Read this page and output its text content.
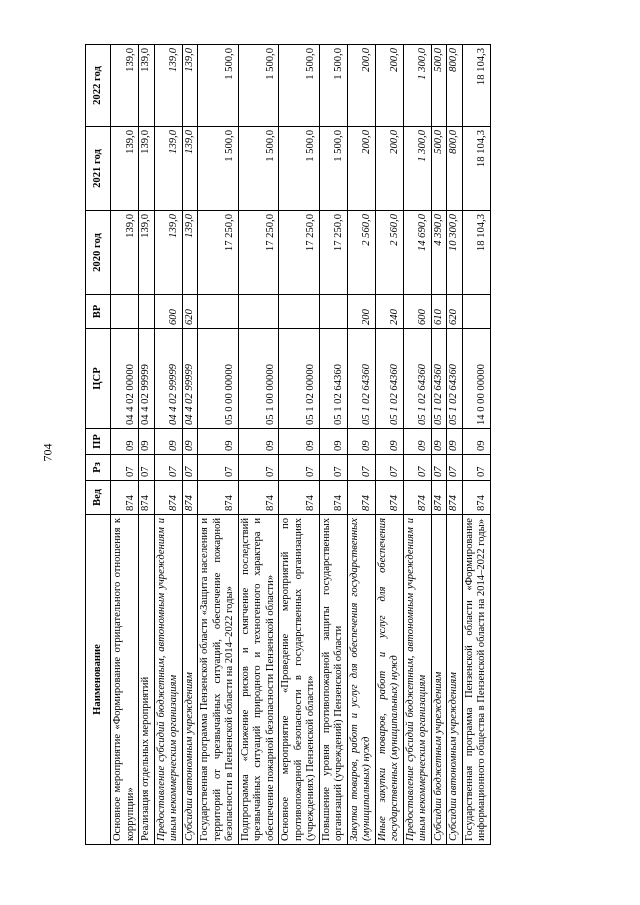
704
Наименование	Вед	Рз	ПР	ЦСР	ВР	2020 год	2021 год	2022 год
Основное мероприятие «Формирование отрицательного отношения к коррупции»	874	07	09	04 4 02 00000		139,0	139,0	139,0
Реализация отдельных мероприятий	874	07	09	04 4 02 99999		139,0	139,0	139,0
Предоставление субсидий бюджетным, автономным учреждениям и иным некоммерческим организациям	874	07	09	04 4 02 99999	600	139,0	139,0	139,0
Субсидии автономным учреждениям	874	07	09	04 4 02 99999	620	139,0	139,0	139,0
Государственная программа Пензенской области «Защита населения и территорий от чрезвычайных ситуаций, обеспечение пожарной безопасности в Пензенской области на 2014–2022 годы»	874	07	09	05 0 00 00000		17 250,0	1 500,0	1 500,0
Подпрограмма «Снижение рисков и смягчение последствий чрезвычайных ситуаций природного и техногенного характера и обеспечение пожарной безопасности Пензенской области»	874	07	09	05 1 00 00000		17 250,0	1 500,0	1 500,0
Основное мероприятие «Проведение мероприятий по противопожарной безопасности в государственных организациях (учреждениях) Пензенской области»	874	07	09	05 1 02 00000		17 250,0	1 500,0	1 500,0
Повышение уровня противопожарной защиты государственных организаций (учреждений) Пензенской области	874	07	09	05 1 02 64360		17 250,0	1 500,0	1 500,0
Закупка товаров, работ и услуг для обеспечения государственных (муниципальных) нужд	874	07	09	05 1 02 64360	200	2 560,0	200,0	200,0
Иные закупки товаров, работ и услуг для обеспечения государственных (муниципальных) нужд	874	07	09	05 1 02 64360	240	2 560,0	200,0	200,0
Предоставление субсидий бюджетным, автономным учреждениям и иным некоммерческим организациям	874	07	09	05 1 02 64360	600	14 690,0	1 300,0	1 300,0
Субсидии бюджетным учреждениям	874	07	09	05 1 02 64360	610	4 390,0	500,0	500,0
Субсидии автономным учреждениям	874	07	09	05 1 02 64360	620	10 300,0	800,0	800,0
Государственная программа Пензенской области «Формирование информационного общества в Пензенской области на 2014–2022 годы»	874	07	09	14 0 00 00000		18 104,3	18 104,3	18 104,3
